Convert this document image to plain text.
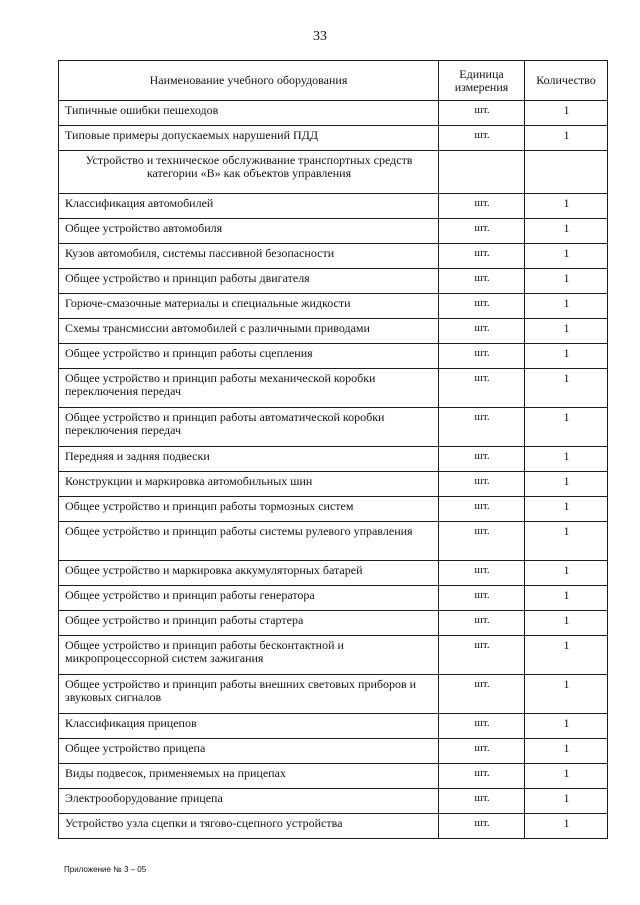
33
Наименование учебного оборудования	Единица измерения	Количество
Типичные ошибки пешеходов	шт.	1
Типовые примеры допускаемых нарушений ПДД	шт.	1
Устройство и техническое обслуживание транспортных средств категории «В» как объектов управления		
Классификация автомобилей	шт.	1
Общее устройство автомобиля	шт.	1
Кузов автомобиля, системы пассивной безопасности	шт.	1
Общее устройство и принцип работы двигателя	шт.	1
Горюче-смазочные материалы и специальные жидкости	шт.	1
Схемы трансмиссии автомобилей с различными приводами	шт.	1
Общее устройство и принцип работы сцепления	шт.	1
Общее устройство и принцип работы механической коробки переключения передач	шт.	1
Общее устройство и принцип работы автоматической коробки переключения передач	шт.	1
Передняя и задняя подвески	шт.	1
Конструкции и маркировка автомобильных шин	шт.	1
Общее устройство и принцип работы тормозных систем	шт.	1
Общее устройство и принцип работы системы рулевого управления	шт.	1
Общее устройство и маркировка аккумуляторных батарей	шт.	1
Общее устройство и принцип работы генератора	шт.	1
Общее устройство и принцип работы стартера	шт.	1
Общее устройство и принцип работы бесконтактной и микропроцессорной систем зажигания	шт.	1
Общее устройство и принцип работы внешних световых приборов и звуковых сигналов	шт.	1
Классификация прицепов	шт.	1
Общее устройство прицепа	шт.	1
Виды подвесок, применяемых на прицепах	шт.	1
Электрооборудование прицепа	шт.	1
Устройство узла сцепки и тягово-сцепного устройства	шт.	1
Приложение № 3 – 05
